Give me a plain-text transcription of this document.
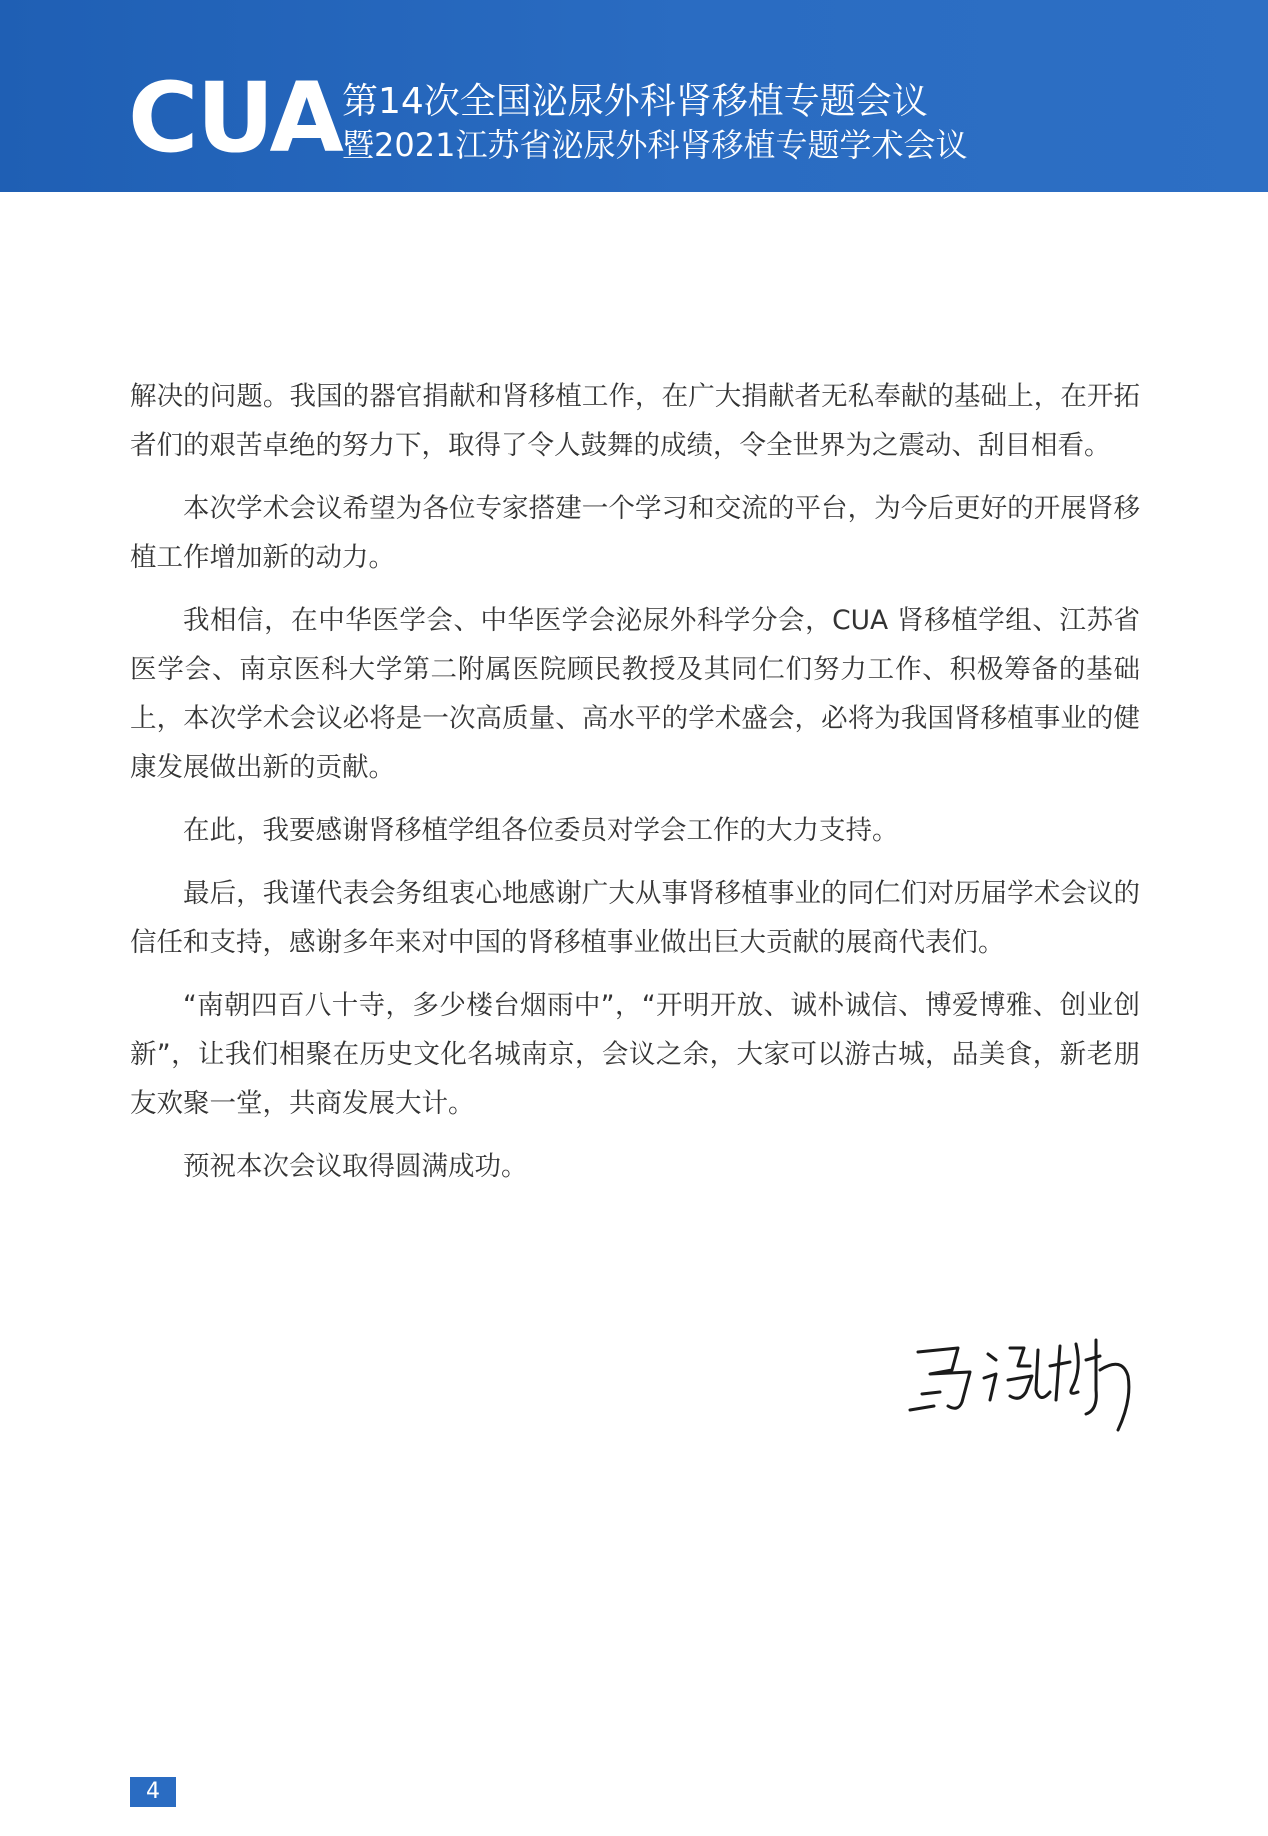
CUA 第14次全国泌尿外科肾移植专题会议
暨2021江苏省泌尿外科肾移植专题学术会议

解决的问题。我国的器官捐献和肾移植工作，在广大捐献者无私奉献的基础上，在开拓者们的艰苦卓绝的努力下，取得了令人鼓舞的成绩，令全世界为之震动、刮目相看。

本次学术会议希望为各位专家搭建一个学习和交流的平台，为今后更好的开展肾移植工作增加新的动力。

我相信，在中华医学会、中华医学会泌尿外科学分会，CUA 肾移植学组、江苏省医学会、南京医科大学第二附属医院顾民教授及其同仁们努力工作、积极筹备的基础上，本次学术会议必将是一次高质量、高水平的学术盛会，必将为我国肾移植事业的健康发展做出新的贡献。

在此，我要感谢肾移植学组各位委员对学会工作的大力支持。

最后，我谨代表会务组衷心地感谢广大从事肾移植事业的同仁们对历届学术会议的信任和支持，感谢多年来对中国的肾移植事业做出巨大贡献的展商代表们。

“南朝四百八十寺，多少楼台烟雨中”，“开明开放、诚朴诚信、博爱博雅、创业创新”，让我们相聚在历史文化名城南京，会议之余，大家可以游古城，品美食，新老朋友欢聚一堂，共商发展大计。

预祝本次会议取得圆满成功。

4
